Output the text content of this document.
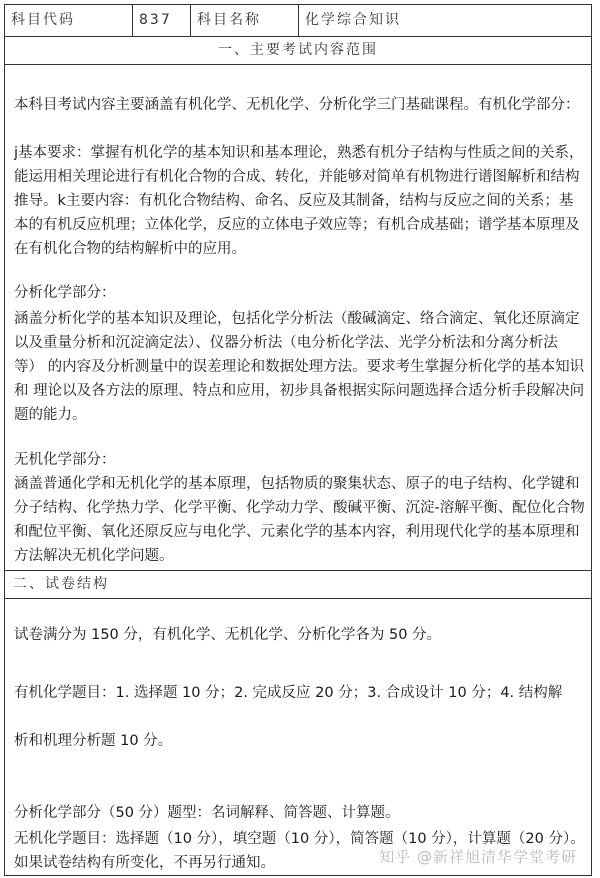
科目代码	837	科目名称	化学综合知识
一、主要考试内容范围

本科目考试内容主要涵盖有机化学、无机化学、分析化学三门基础课程。有机化学部分：

j基本要求：掌握有机化学的基本知识和基本理论，熟悉有机分子结构与性质之间的关系，能运用相关理论进行有机化合物的合成、转化，并能够对简单有机物进行谱图解析和结构推导。k主要内容：有机化合物结构、命名、反应及其制备，结构与反应之间的关系；基本的有机反应机理；立体化学，反应的立体电子效应等；有机合成基础；谱学基本原理及在有机化合物的结构解析中的应用。

分析化学部分：

涵盖分析化学的基本知识及理论，包括化学分析法（酸碱滴定、络合滴定、氧化还原滴定以及重量分析和沉淀滴定法）、仪器分析法（电分析化学法、光学分析法和分离分析法等） 的内容及分析测量中的误差理论和数据处理方法。要求考生掌握分析化学的基本知识和 理论以及各方法的原理、特点和应用，初步具备根据实际问题选择合适分析手段解决问题的能力。

无机化学部分：

涵盖普通化学和无机化学的基本原理，包括物质的聚集状态、原子的电子结构、化学键和分子结构、化学热力学、化学平衡、化学动力学、酸碱平衡、沉淀-溶解平衡、配位化合物和配位平衡、氧化还原反应与电化学、元素化学的基本内容，利用现代化学的基本原理和方法解决无机化学问题。

二、试卷结构

试卷满分为 150 分，有机化学、无机化学、分析化学各为 50 分。

有机化学题目：1. 选择题 10 分；2. 完成反应 20 分；3. 合成设计 10 分；4. 结构解

析和机理分析题 10 分。

分析化学部分（50 分）题型：名词解释、简答题、计算题。

无机化学题目：选择题（10 分），填空题（10 分），简答题（10 分），计算题（20 分）。如果试卷结构有所变化，不再另行通知。	知乎 @新祥旭清华学堂考研
